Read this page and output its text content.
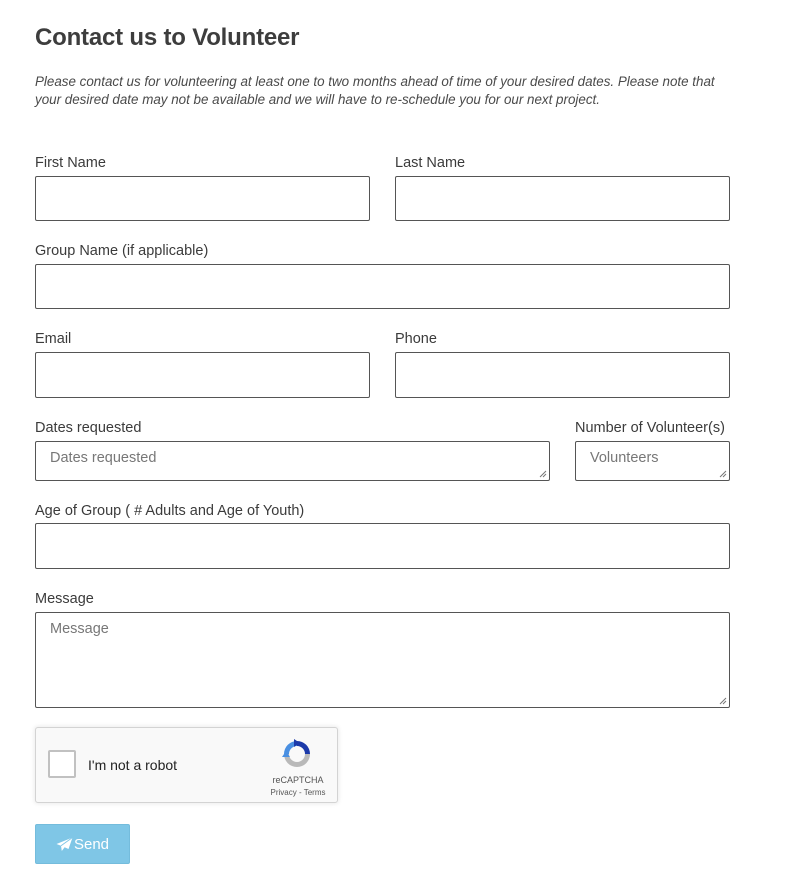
Contact us to Volunteer

Please contact us for volunteering at least one to two months ahead of time of your desired dates. Please note that your desired date may not be available and we will have to re-schedule you for our next project.

First Name	Last Name
Group Name (if applicable)
Email	Phone
Dates requested
Dates requested
Number of Volunteer(s)
Volunteers
Age of Group ( # Adults and Age of Youth)
Message
Message
I'm not a robot
reCAPTCHA
Privacy - Terms
Send
